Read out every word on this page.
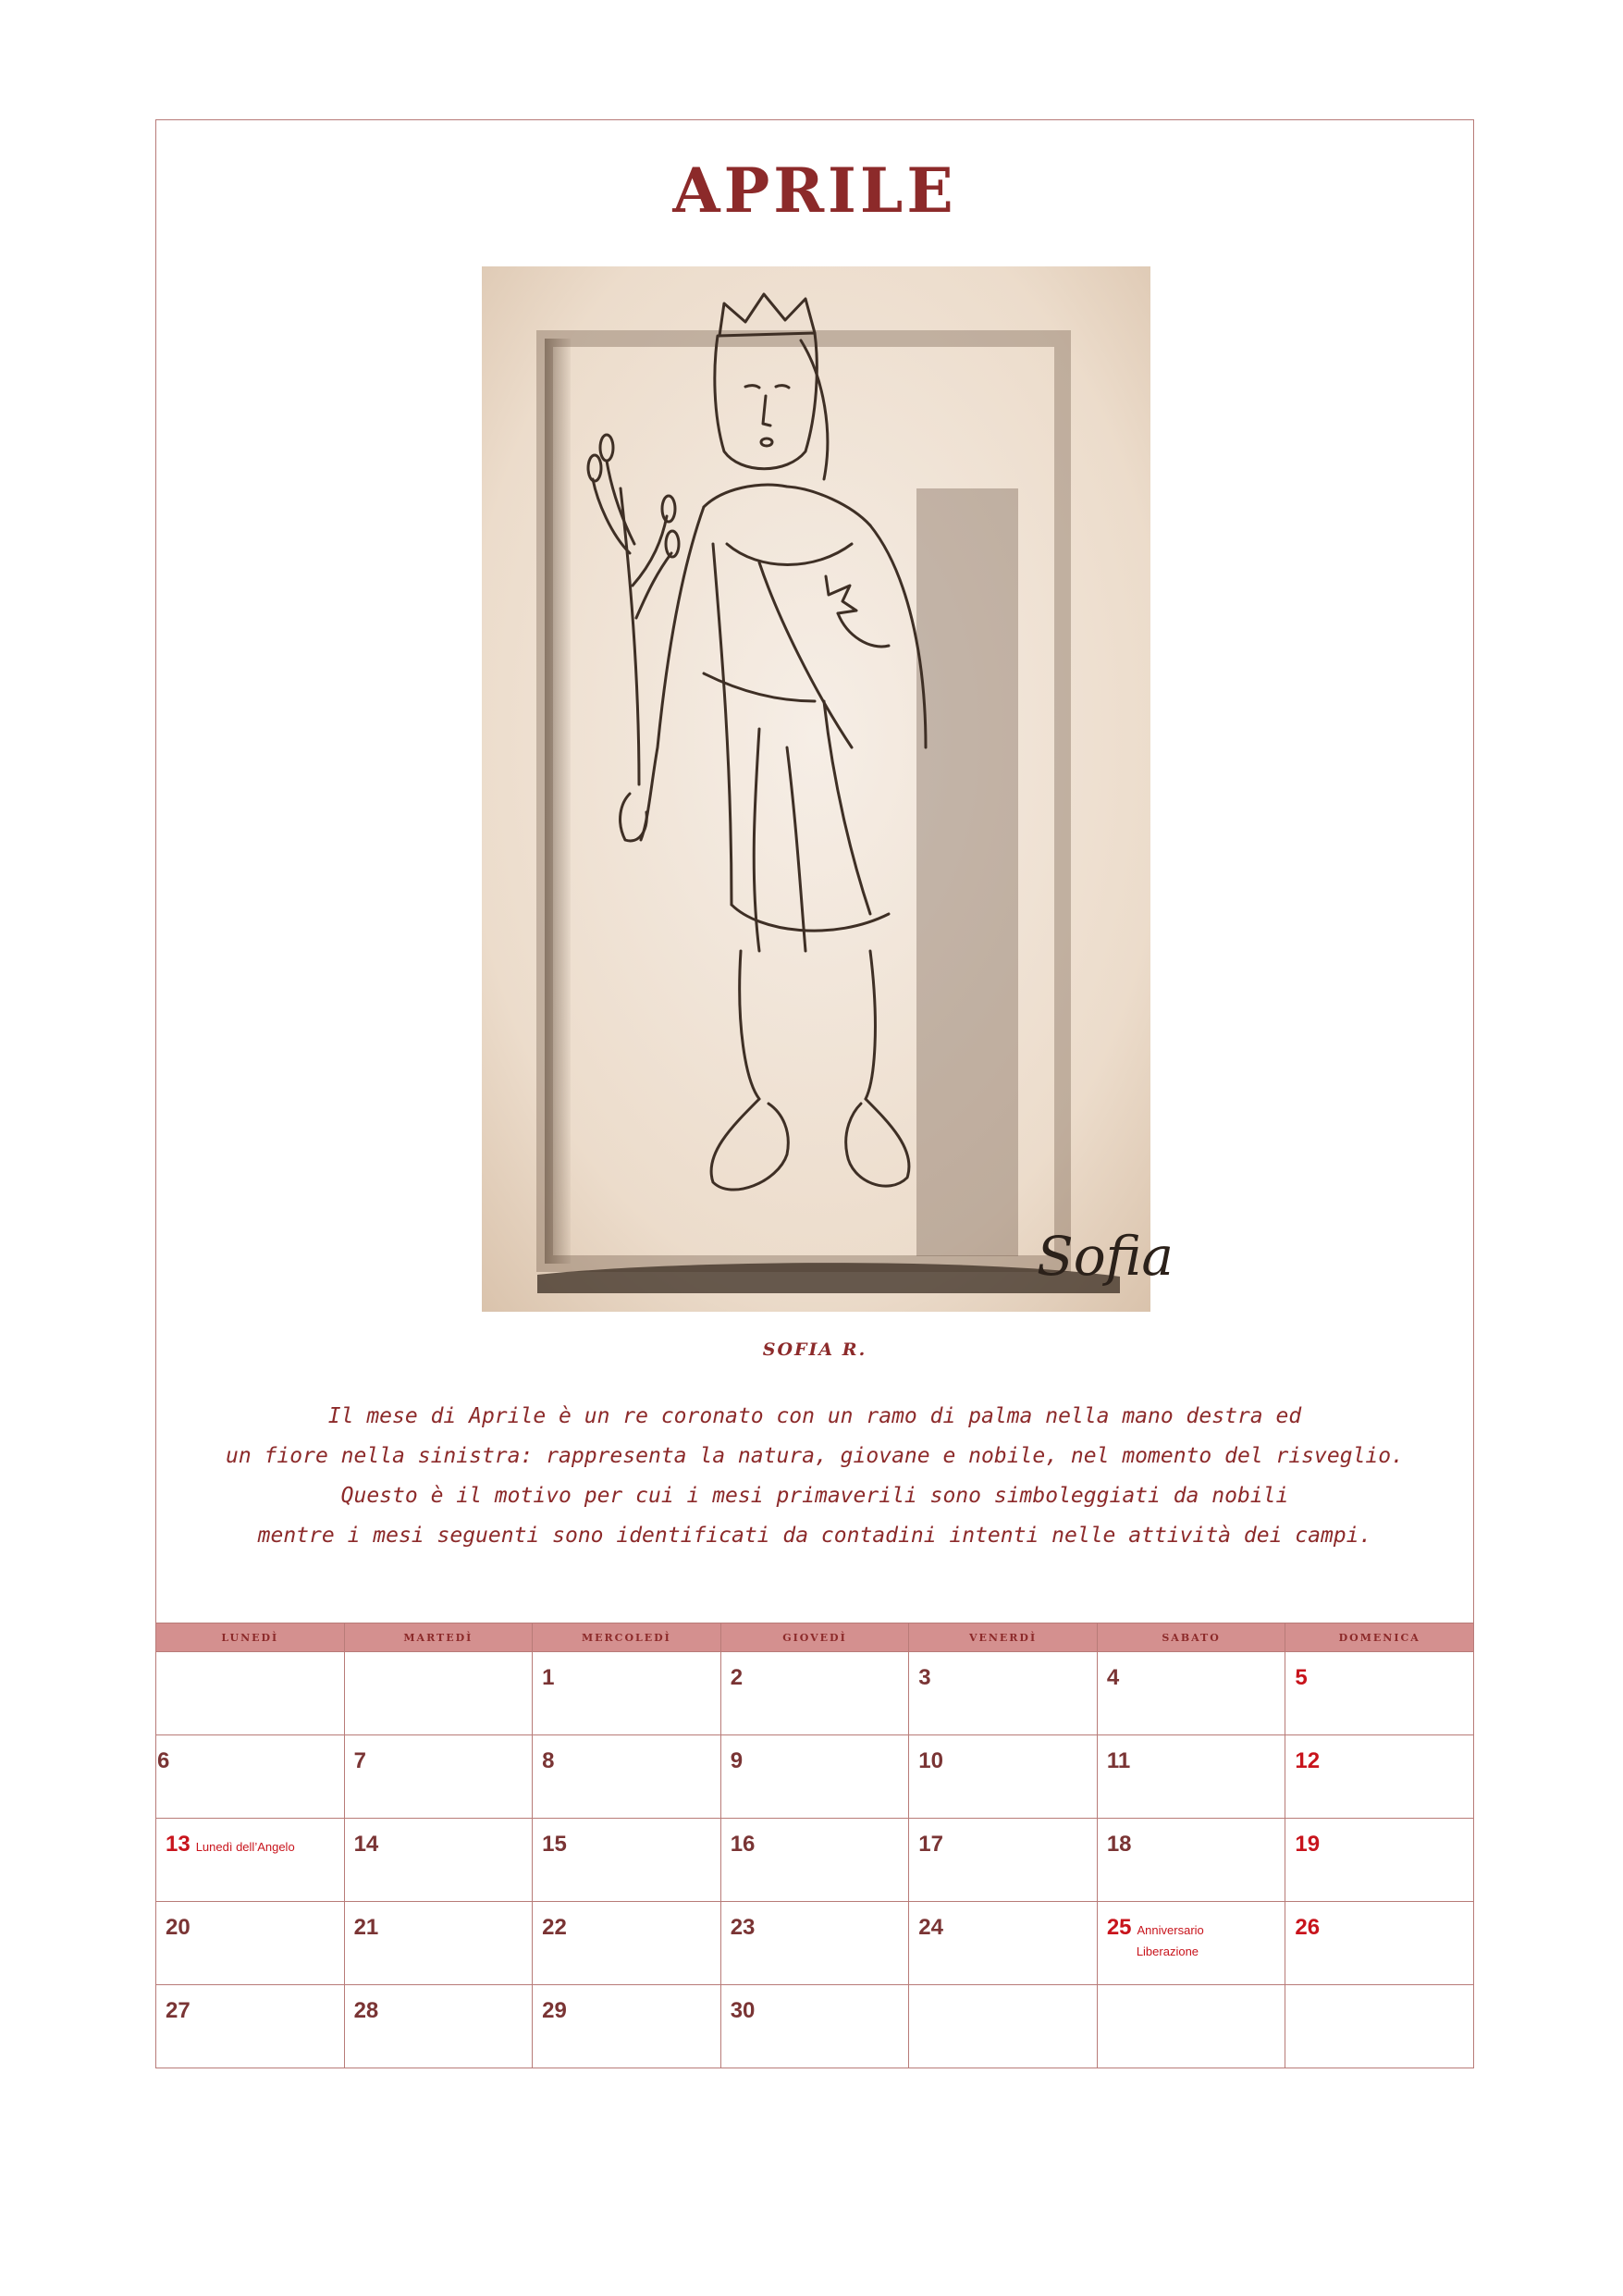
APRILE
Sofia
SOFIA R.
Il mese di Aprile è un re coronato con un ramo di palma nella mano destra ed
un fiore nella sinistra: rappresenta la natura, giovane e nobile, nel momento del risveglio.
Questo è il motivo per cui i mesi primaverili sono simboleggiati da nobili
mentre i mesi seguenti sono identificati da contadini intenti nelle attività dei campi.
LUNEDÌ	MARTEDÌ	MERCOLEDÌ	GIOVEDÌ	VENERDÌ	SABATO	DOMENICA

		1	2	3	4	5

6	7	8	9	10	11	12

13 Lunedì dell’Angelo	14	15	16	17	18	19

20	21	22	23	24	25 Anniversario
Liberazione	26

27	28	29	30			
